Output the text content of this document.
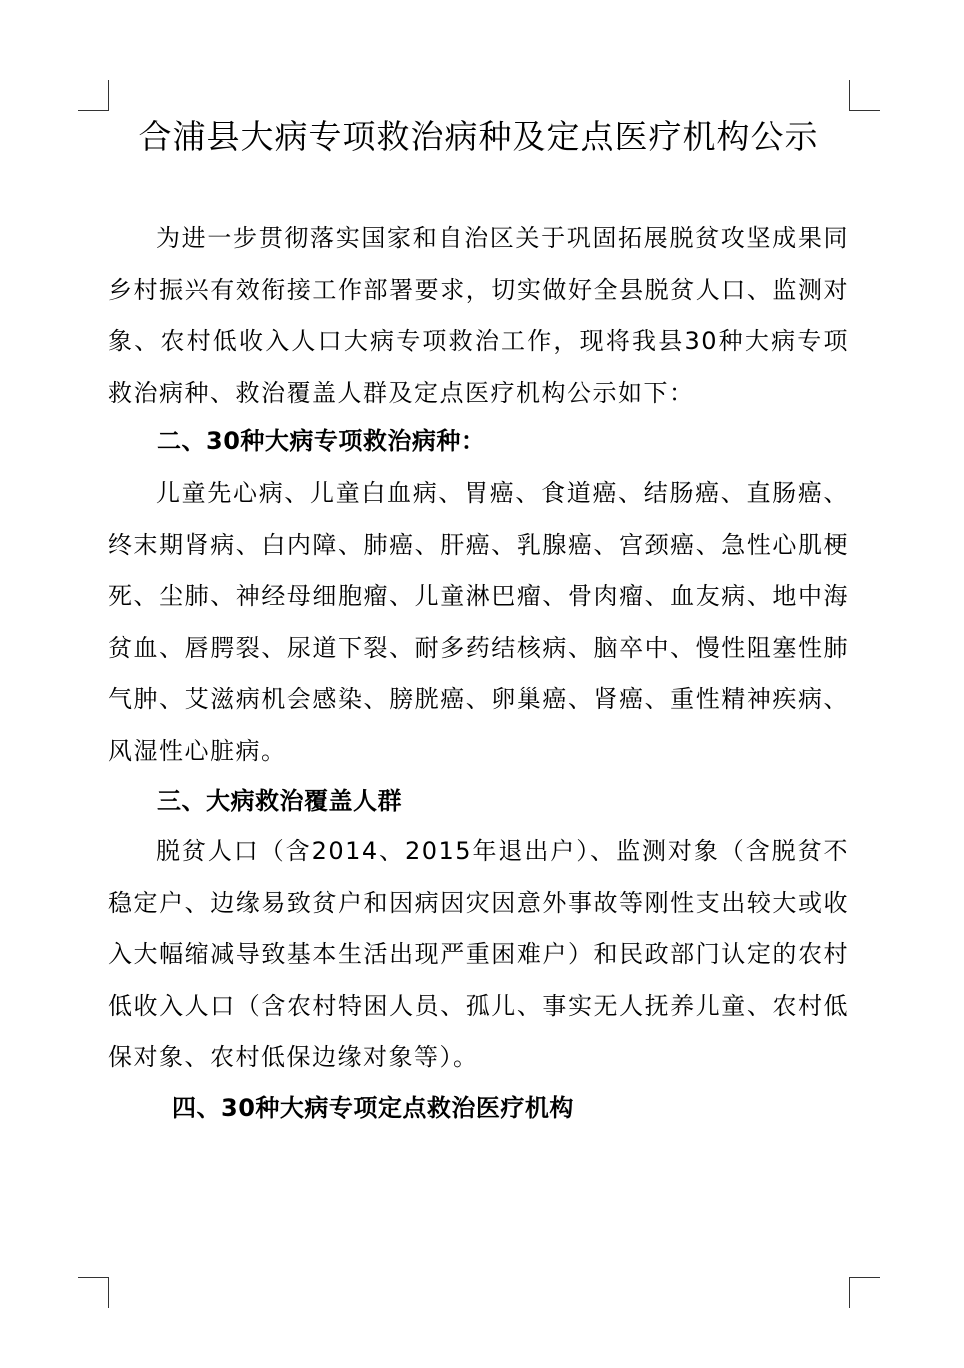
合浦县大病专项救治病种及定点医疗机构公示

为进一步贯彻落实国家和自治区关于巩固拓展脱贫攻坚成果同乡村振兴有效衔接工作部署要求，切实做好全县脱贫人口、监测对象、农村低收入人口大病专项救治工作，现将我县30种大病专项救治病种、救治覆盖人群及定点医疗机构公示如下：

二、30种大病专项救治病种：

儿童先心病、儿童白血病、胃癌、食道癌、结肠癌、直肠癌、终末期肾病、白内障、肺癌、肝癌、乳腺癌、宫颈癌、急性心肌梗死、尘肺、神经母细胞瘤、儿童淋巴瘤、骨肉瘤、血友病、地中海贫血、唇腭裂、尿道下裂、耐多药结核病、脑卒中、慢性阻塞性肺气肿、艾滋病机会感染、膀胱癌、卵巢癌、肾癌、重性精神疾病、风湿性心脏病。

三、大病救治覆盖人群

脱贫人口（含2014、2015年退出户）、监测对象（含脱贫不稳定户、边缘易致贫户和因病因灾因意外事故等刚性支出较大或收入大幅缩减导致基本生活出现严重困难户）和民政部门认定的农村低收入人口（含农村特困人员、孤儿、事实无人抚养儿童、农村低保对象、农村低保边缘对象等）。

四、30种大病专项定点救治医疗机构
